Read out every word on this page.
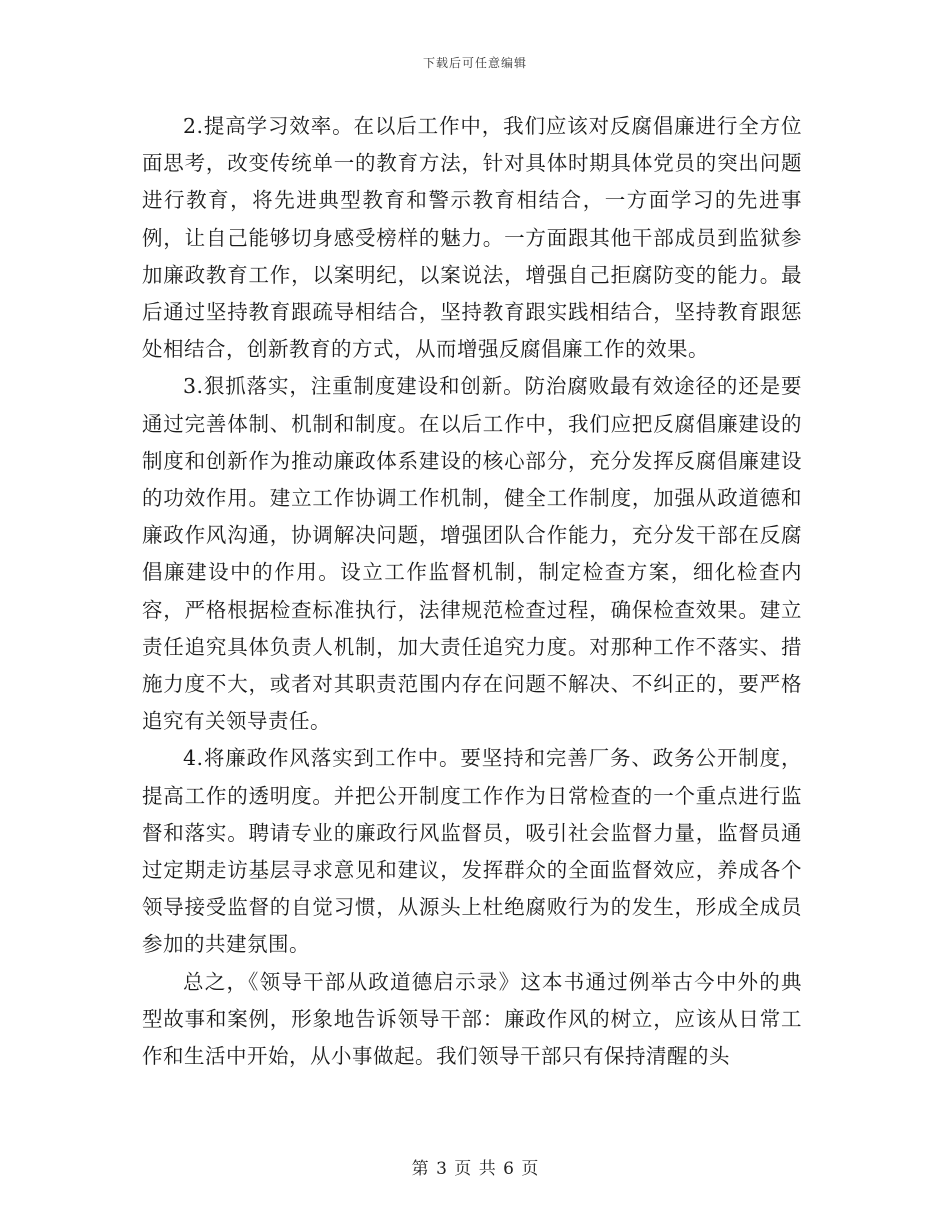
下载后可任意编辑

2.提高学习效率。在以后工作中，我们应该对反腐倡廉进行全方位面思考，改变传统单一的教育方法，针对具体时期具体党员的突出问题进行教育，将先进典型教育和警示教育相结合，一方面学习的先进事例，让自己能够切身感受榜样的魅力。一方面跟其他干部成员到监狱参加廉政教育工作，以案明纪，以案说法，增强自己拒腐防变的能力。最后通过坚持教育跟疏导相结合，坚持教育跟实践相结合，坚持教育跟惩处相结合，创新教育的方式，从而增强反腐倡廉工作的效果。

3.狠抓落实，注重制度建设和创新。防治腐败最有效途径的还是要通过完善体制、机制和制度。在以后工作中，我们应把反腐倡廉建设的制度和创新作为推动廉政体系建设的核心部分，充分发挥反腐倡廉建设的功效作用。建立工作协调工作机制，健全工作制度，加强从政道德和廉政作风沟通，协调解决问题，增强团队合作能力，充分发干部在反腐倡廉建设中的作用。设立工作监督机制，制定检查方案，细化检查内容，严格根据检查标准执行，法律规范检查过程，确保检查效果。建立责任追究具体负责人机制，加大责任追究力度。对那种工作不落实、措施力度不大，或者对其职责范围内存在问题不解决、不纠正的，要严格追究有关领导责任。

4.将廉政作风落实到工作中。要坚持和完善厂务、政务公开制度，提高工作的透明度。并把公开制度工作作为日常检查的一个重点进行监督和落实。聘请专业的廉政行风监督员，吸引社会监督力量，监督员通过定期走访基层寻求意见和建议，发挥群众的全面监督效应，养成各个领导接受监督的自觉习惯，从源头上杜绝腐败行为的发生，形成全成员参加的共建氛围。

总之，《领导干部从政道德启示录》这本书通过例举古今中外的典型故事和案例，形象地告诉领导干部：廉政作风的树立，应该从日常工作和生活中开始，从小事做起。我们领导干部只有保持清醒的头

第 3 页 共 6 页
